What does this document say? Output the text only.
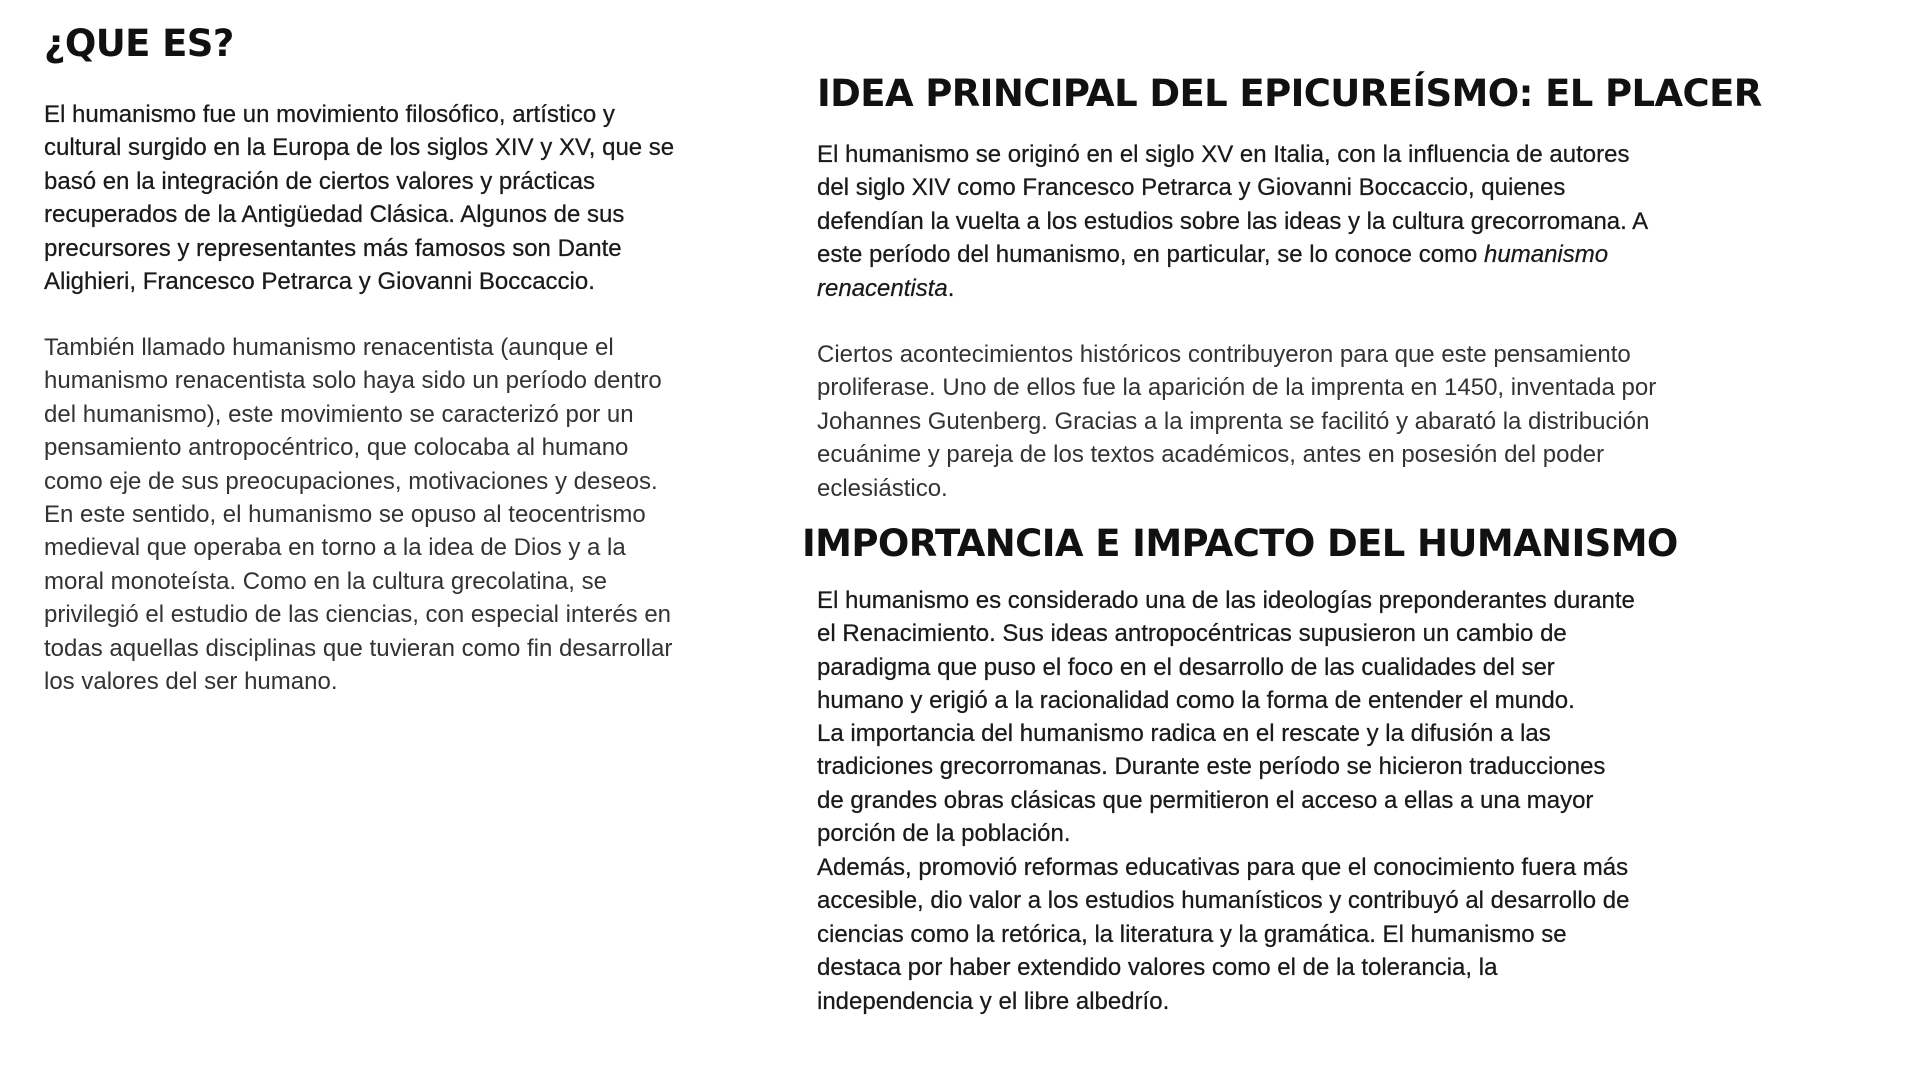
¿QUE ES?

El humanismo fue un movimiento filosófico, artístico y
cultural surgido en la Europa de los siglos XIV y XV, que se
basó en la integración de ciertos valores y prácticas
recuperados de la Antigüedad Clásica. Algunos de sus
precursores y representantes más famosos son Dante
Alighieri, Francesco Petrarca y Giovanni Boccaccio.

También llamado humanismo renacentista (aunque el
humanismo renacentista solo haya sido un período dentro
del humanismo), este movimiento se caracterizó por un
pensamiento antropocéntrico, que colocaba al humano
como eje de sus preocupaciones, motivaciones y deseos.
En este sentido, el humanismo se opuso al teocentrismo
medieval que operaba en torno a la idea de Dios y a la
moral monoteísta. Como en la cultura grecolatina, se
privilegió el estudio de las ciencias, con especial interés en
todas aquellas disciplinas que tuvieran como fin desarrollar
los valores del ser humano.

IDEA PRINCIPAL DEL EPICUREÍSMO: EL PLACER

El humanismo se originó en el siglo XV en Italia, con la influencia de autores
del siglo XIV como Francesco Petrarca y Giovanni Boccaccio, quienes
defendían la vuelta a los estudios sobre las ideas y la cultura grecorromana. A
este período del humanismo, en particular, se lo conoce como humanismo
renacentista.

Ciertos acontecimientos históricos contribuyeron para que este pensamiento
proliferase. Uno de ellos fue la aparición de la imprenta en 1450, inventada por
Johannes Gutenberg. Gracias a la imprenta se facilitó y abarató la distribución
ecuánime y pareja de los textos académicos, antes en posesión del poder
eclesiástico.

IMPORTANCIA E IMPACTO DEL HUMANISMO

El humanismo es considerado una de las ideologías preponderantes durante
el Renacimiento. Sus ideas antropocéntricas supusieron un cambio de
paradigma que puso el foco en el desarrollo de las cualidades del ser
humano y erigió a la racionalidad como la forma de entender el mundo.

La importancia del humanismo radica en el rescate y la difusión a las
tradiciones grecorromanas. Durante este período se hicieron traducciones
de grandes obras clásicas que permitieron el acceso a ellas a una mayor
porción de la población.

Además, promovió reformas educativas para que el conocimiento fuera más
accesible, dio valor a los estudios humanísticos y contribuyó al desarrollo de
ciencias como la retórica, la literatura y la gramática. El humanismo se
destaca por haber extendido valores como el de la tolerancia, la
independencia y el libre albedrío.
